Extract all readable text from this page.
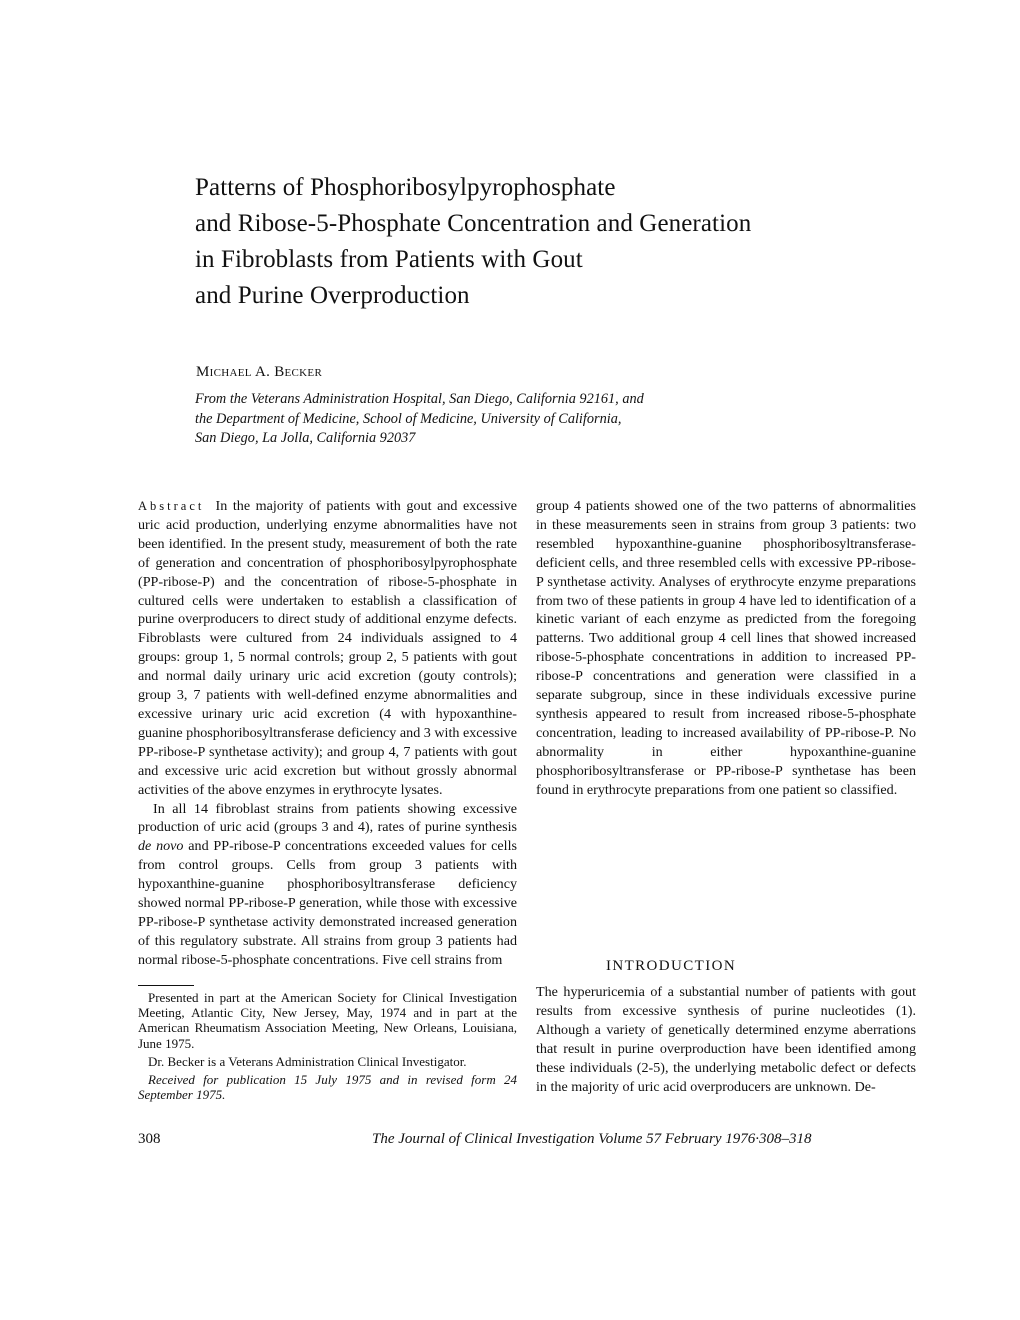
Patterns of Phosphoribosylpyrophosphate
and Ribose-5-Phosphate Concentration and Generation
in Fibroblasts from Patients with Gout
and Purine Overproduction
Michael A. Becker
From the Veterans Administration Hospital, San Diego, California 92161, and
the Department of Medicine, School of Medicine, University of California,
San Diego, La Jolla, California 92037

Abstract In the majority of patients with gout and excessive uric acid production, underlying enzyme abnormalities have not been identified. In the present study, measurement of both the rate of generation and concentration of phosphoribosylpyrophosphate (PP-ribose-P) and the concentration of ribose-5-phosphate in cultured cells were undertaken to establish a classification of purine overproducers to direct study of additional enzyme defects. Fibroblasts were cultured from 24 individuals assigned to 4 groups: group 1, 5 normal controls; group 2, 5 patients with gout and normal daily urinary uric acid excretion (gouty controls); group 3, 7 patients with well-defined enzyme abnormalities and excessive urinary uric acid excretion (4 with hypoxanthine-guanine phosphoribosyltransferase deficiency and 3 with excessive PP-ribose-P synthetase activity); and group 4, 7 patients with gout and excessive uric acid excretion but without grossly abnormal activities of the above enzymes in erythrocyte lysates.

In all 14 fibroblast strains from patients showing excessive production of uric acid (groups 3 and 4), rates of purine synthesis de novo and PP-ribose-P concentrations exceeded values for cells from control groups. Cells from group 3 patients with hypoxanthine-guanine phosphoribosyltransferase deficiency showed normal PP-ribose-P generation, while those with excessive PP-ribose-P synthetase activity demonstrated increased generation of this regulatory substrate. All strains from group 3 patients had normal ribose-5-phosphate concentrations. Five cell strains from

group 4 patients showed one of the two patterns of abnormalities in these measurements seen in strains from group 3 patients: two resembled hypoxanthine-guanine phosphoribosyltransferase-deficient cells, and three resembled cells with excessive PP-ribose-P synthetase activity. Analyses of erythrocyte enzyme preparations from two of these patients in group 4 have led to identification of a kinetic variant of each enzyme as predicted from the foregoing patterns. Two additional group 4 cell lines that showed increased ribose-5-phosphate concentrations in addition to increased PP-ribose-P concentrations and generation were classified in a separate subgroup, since in these individuals excessive purine synthesis appeared to result from increased ribose-5-phosphate concentration, leading to increased availability of PP-ribose-P. No abnormality in either hypoxanthine-guanine phosphoribosyltransferase or PP-ribose-P synthetase has been found in erythrocyte preparations from one patient so classified.

Presented in part at the American Society for Clinical Investigation Meeting, Atlantic City, New Jersey, May, 1974 and in part at the American Rheumatism Association Meeting, New Orleans, Louisiana, June 1975.

Dr. Becker is a Veterans Administration Clinical Investigator.

Received for publication 15 July 1975 and in revised form 24 September 1975.

INTRODUCTION

The hyperuricemia of a substantial number of patients with gout results from excessive synthesis of purine nucleotides (1). Although a variety of genetically determined enzyme aberrations that result in purine overproduction have been identified among these individuals (2-5), the underlying metabolic defect or defects in the majority of uric acid overproducers are unknown. De-

308	The Journal of Clinical Investigation Volume 57 February 1976·308–318
